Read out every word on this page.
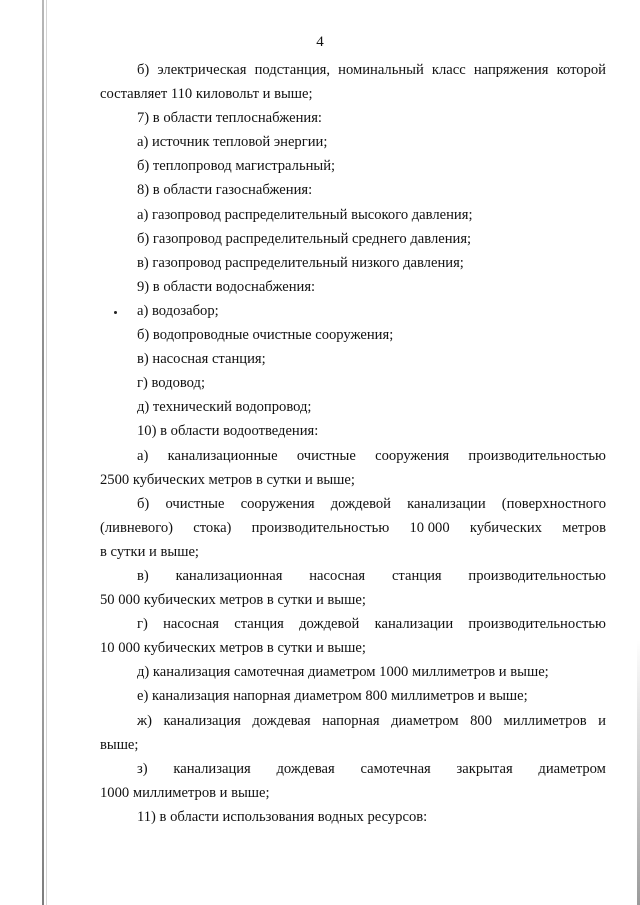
4
б) электрическая подстанция, номинальный класс напряжения которой
составляет 110 киловольт и выше;
7) в области теплоснабжения:
а) источник тепловой энергии;
б) теплопровод магистральный;
8) в области газоснабжения:
а) газопровод распределительный высокого давления;
б) газопровод распределительный среднего давления;
в) газопровод распределительный низкого давления;
9) в области водоснабжения:
а) водозабор;
б) водопроводные очистные сооружения;
в) насосная станция;
г) водовод;
д) технический водопровод;
10) в области водоотведения:
а) канализационные очистные сооружения производительностью
2500 кубических метров в сутки и выше;
б) очистные сооружения дождевой канализации (поверхностного
(ливневого) стока) производительностью 10 000 кубических метров
в сутки и выше;
в) канализационная насосная станция производительностью
50 000 кубических метров в сутки и выше;
г) насосная станция дождевой канализации производительностью
10 000 кубических метров в сутки и выше;
д) канализация самотечная диаметром 1000 миллиметров и выше;
е) канализация напорная диаметром 800 миллиметров и выше;
ж) канализация дождевая напорная диаметром 800 миллиметров и
выше;
з) канализация дождевая самотечная закрытая диаметром
1000 миллиметров и выше;
11) в области использования водных ресурсов:
